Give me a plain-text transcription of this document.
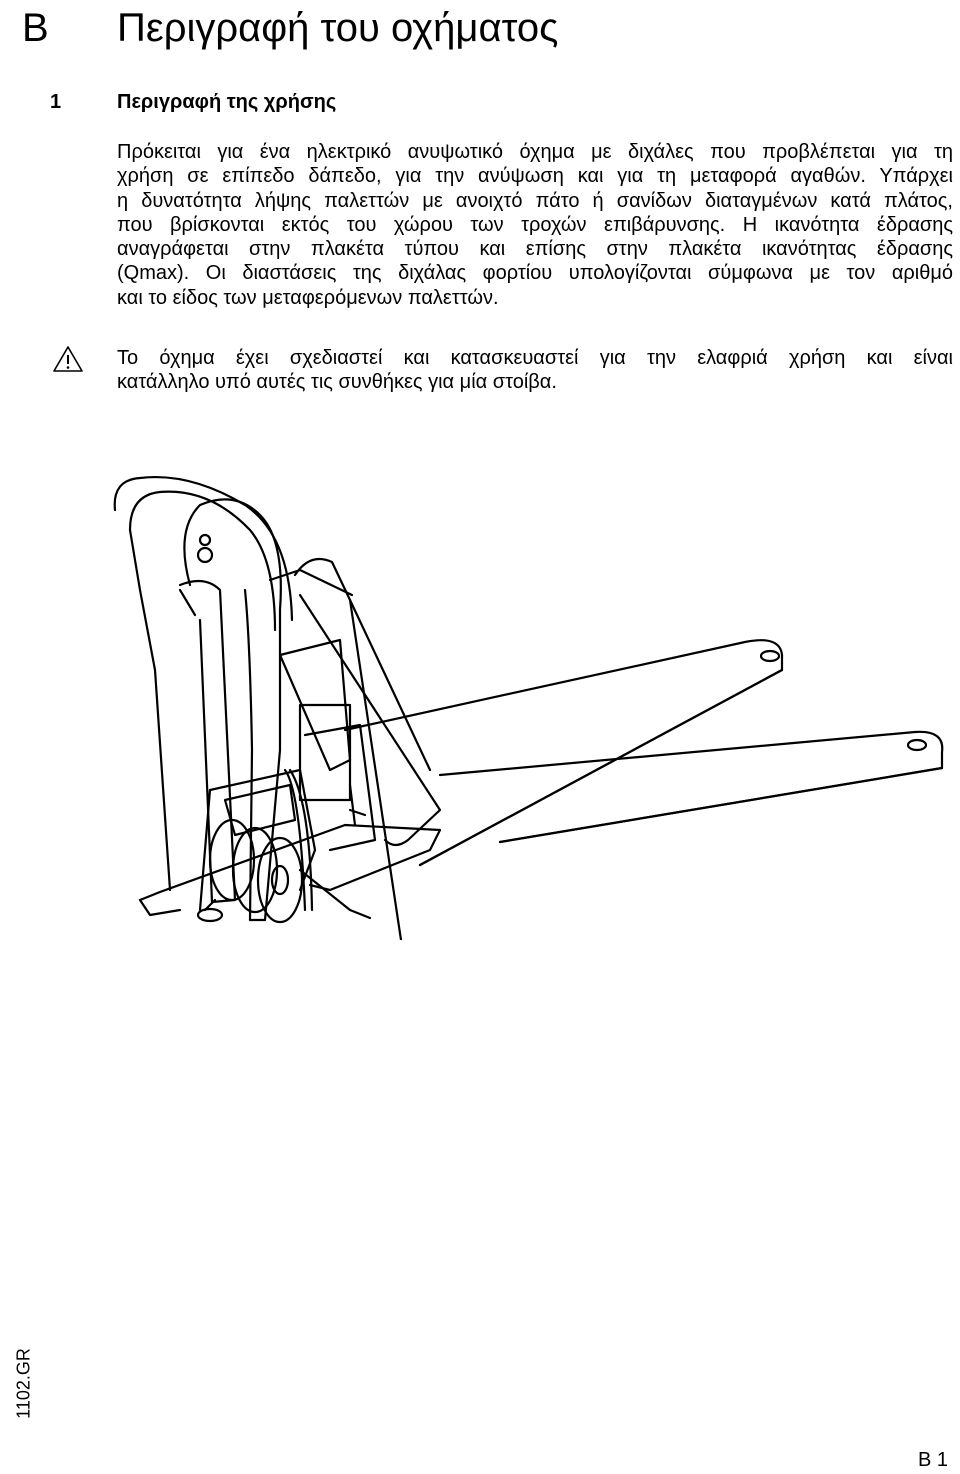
B Περιγραφή του οχήματος
1	Περιγραφή της χρήσης
Πρόκειται για ένα ηλεκτρικό ανυψωτικό όχημα με διχάλες που προβλέπεται για τη
χρήση σε επίπεδο δάπεδο, για την ανύψωση και για τη μεταφορά αγαθών. Υπάρχει
η δυνατότητα λήψης παλεττών με ανοιχτό πάτο ή σανίδων διαταγμένων κατά πλάτος,
που βρίσκονται εκτός του χώρου των τροχών επιβάρυνσης. Η ικανότητα έδρασης
αναγράφεται στην πλακέτα τύπου και επίσης στην πλακέτα ικανότητας έδρασης
(Qmax). Οι διαστάσεις της διχάλας φορτίου υπολογίζονται σύμφωνα με τον αριθμό
και το είδος των μεταφερόμενων παλεττών.
Το όχημα έχει σχεδιαστεί και κατασκευαστεί για την ελαφριά χρήση και είναι
κατάλληλο υπό αυτές τις συνθήκες για μία στοίβα.
1102.GR
B 1
